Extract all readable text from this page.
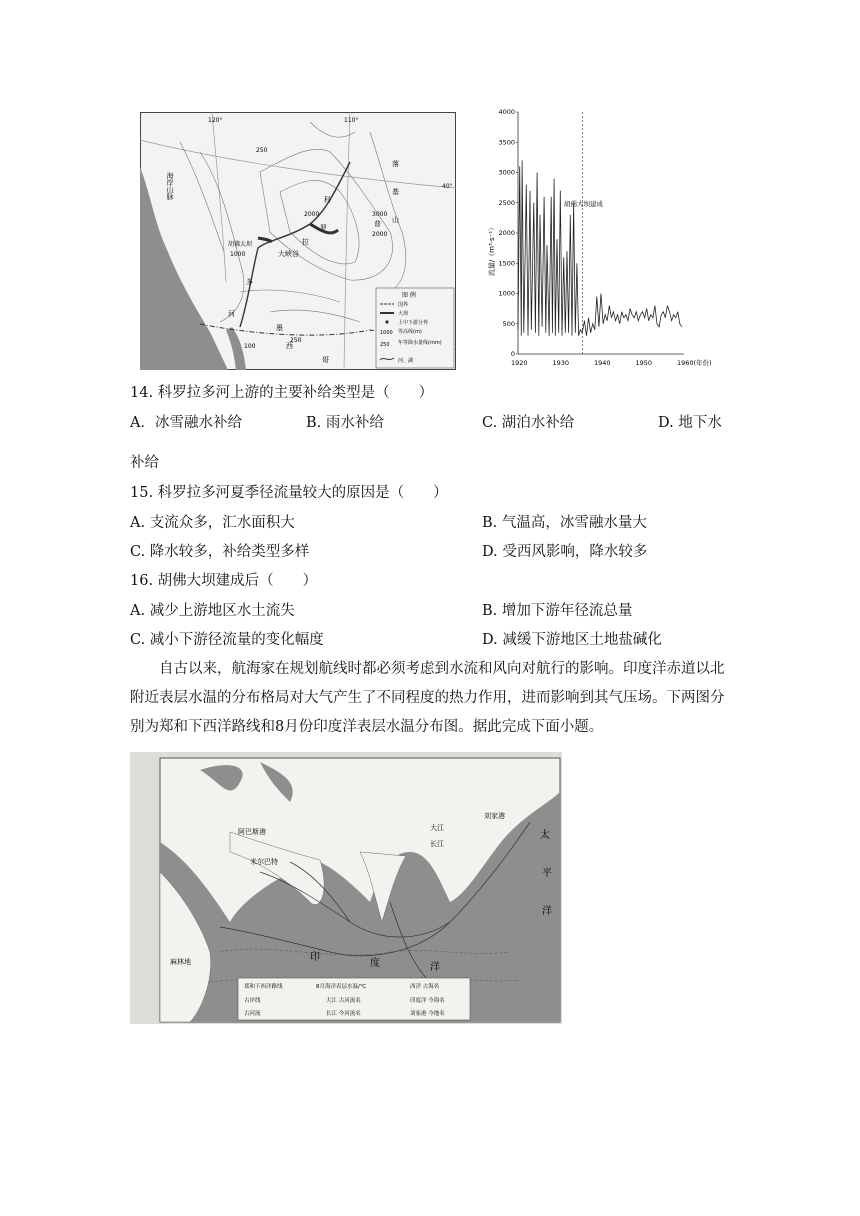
120°	110°
40°
海岸山脉
落
基
山
2000	3000
2000
科
罗
拉
普
胡佛大坝
1000	大峡谷
多
河
墨
西
哥
250
250
100
图 例
国界
大坝
上中下游分界
1000 等高线(m)
250 年等降水量线(mm)
河、湖
4000
3500
3000
2500
2000
1500
1000
500
0
1920	1930	1940	1950	1960(年份)
胡佛大坝建成
流量/（m³·s⁻¹）
14. 科罗拉多河上游的主要补给类型是（　　）
A．冰雪融水补给	B. 雨水补给	C. 湖泊水补给	D. 地下水
补给
15. 科罗拉多河夏季径流量较大的原因是（　　）
A. 支流众多，汇水面积大	B. 气温高，冰雪融水量大
C. 降水较多，补给类型多样	D. 受西风影响，降水较多
16. 胡佛大坝建成后（　　）
A. 减少上游地区水土流失	B. 增加下游年径流总量
C. 减小下游径流量的变化幅度	D. 减缓下游地区土地盐碱化
自古以来，航海家在规划航线时都必须考虑到水流和风向对航行的影响。印度洋赤道以北附近表层水温的分布格局对大气产生了不同程度的热力作用，进而影响到其气压场。下两图分别为郑和下西洋路线和8月份印度洋表层水温分布图。据此完成下面小题。
阿巴斯港
米尔巴特
大江
长江
刘家港
麻林地
太
平
洋
印
度	洋
郑和下西洋路线	8月海洋表层水温/℃	西洋 古海名
古岸线	大江 古河流名	印度洋 今海名
古河流	长江 今河流名	刘家港 今地名
